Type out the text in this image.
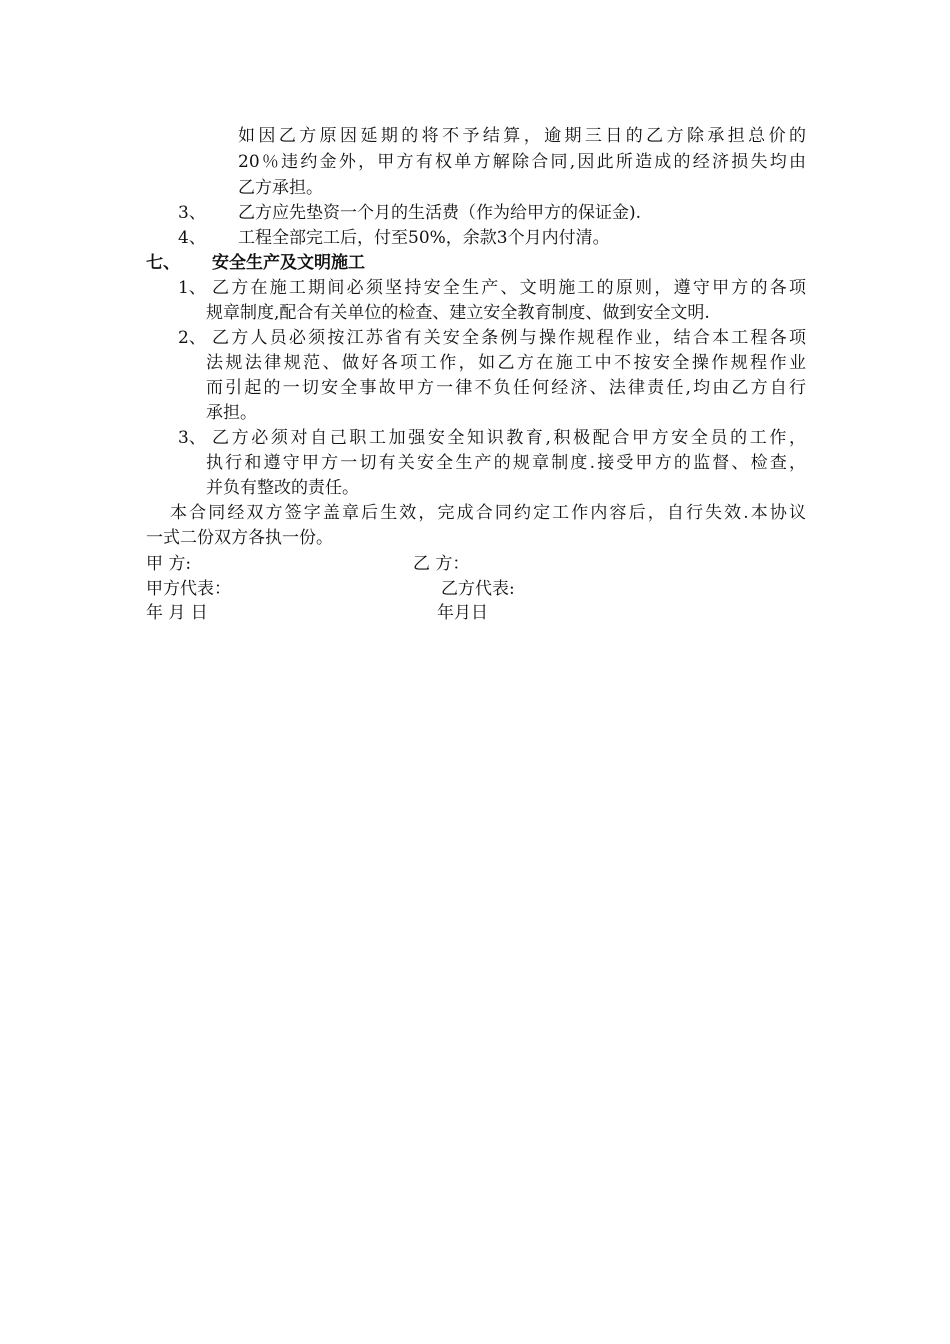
如因乙方原因延期的将不予结算，逾期三日的乙方除承担总价的
20％违约金外，甲方有权单方解除合同,因此所造成的经济损失均由
乙方承担。
3、 乙方应先垫资一个月的生活费（作为给甲方的保证金).
4、 工程全部完工后，付至50%，余款3个月内付清。
七、 安全生产及文明施工
1、 乙方在施工期间必须坚持安全生产、文明施工的原则，遵守甲方的各项
规章制度,配合有关单位的检查、建立安全教育制度、做到安全文明.
2、 乙方人员必须按江苏省有关安全条例与操作规程作业，结合本工程各项
法规法律规范、做好各项工作，如乙方在施工中不按安全操作规程作业
而引起的一切安全事故甲方一律不负任何经济、法律责任,均由乙方自行
承担。
3、 乙方必须对自己职工加强安全知识教育,积极配合甲方安全员的工作，
执行和遵守甲方一切有关安全生产的规章制度.接受甲方的监督、检查，
并负有整改的责任。
本合同经双方签字盖章后生效，完成合同约定工作内容后，自行失效.本协议
一式二份双方各执一份。
甲 方:	乙 方：
甲方代表：	乙方代表:
年 月 日	年月日
